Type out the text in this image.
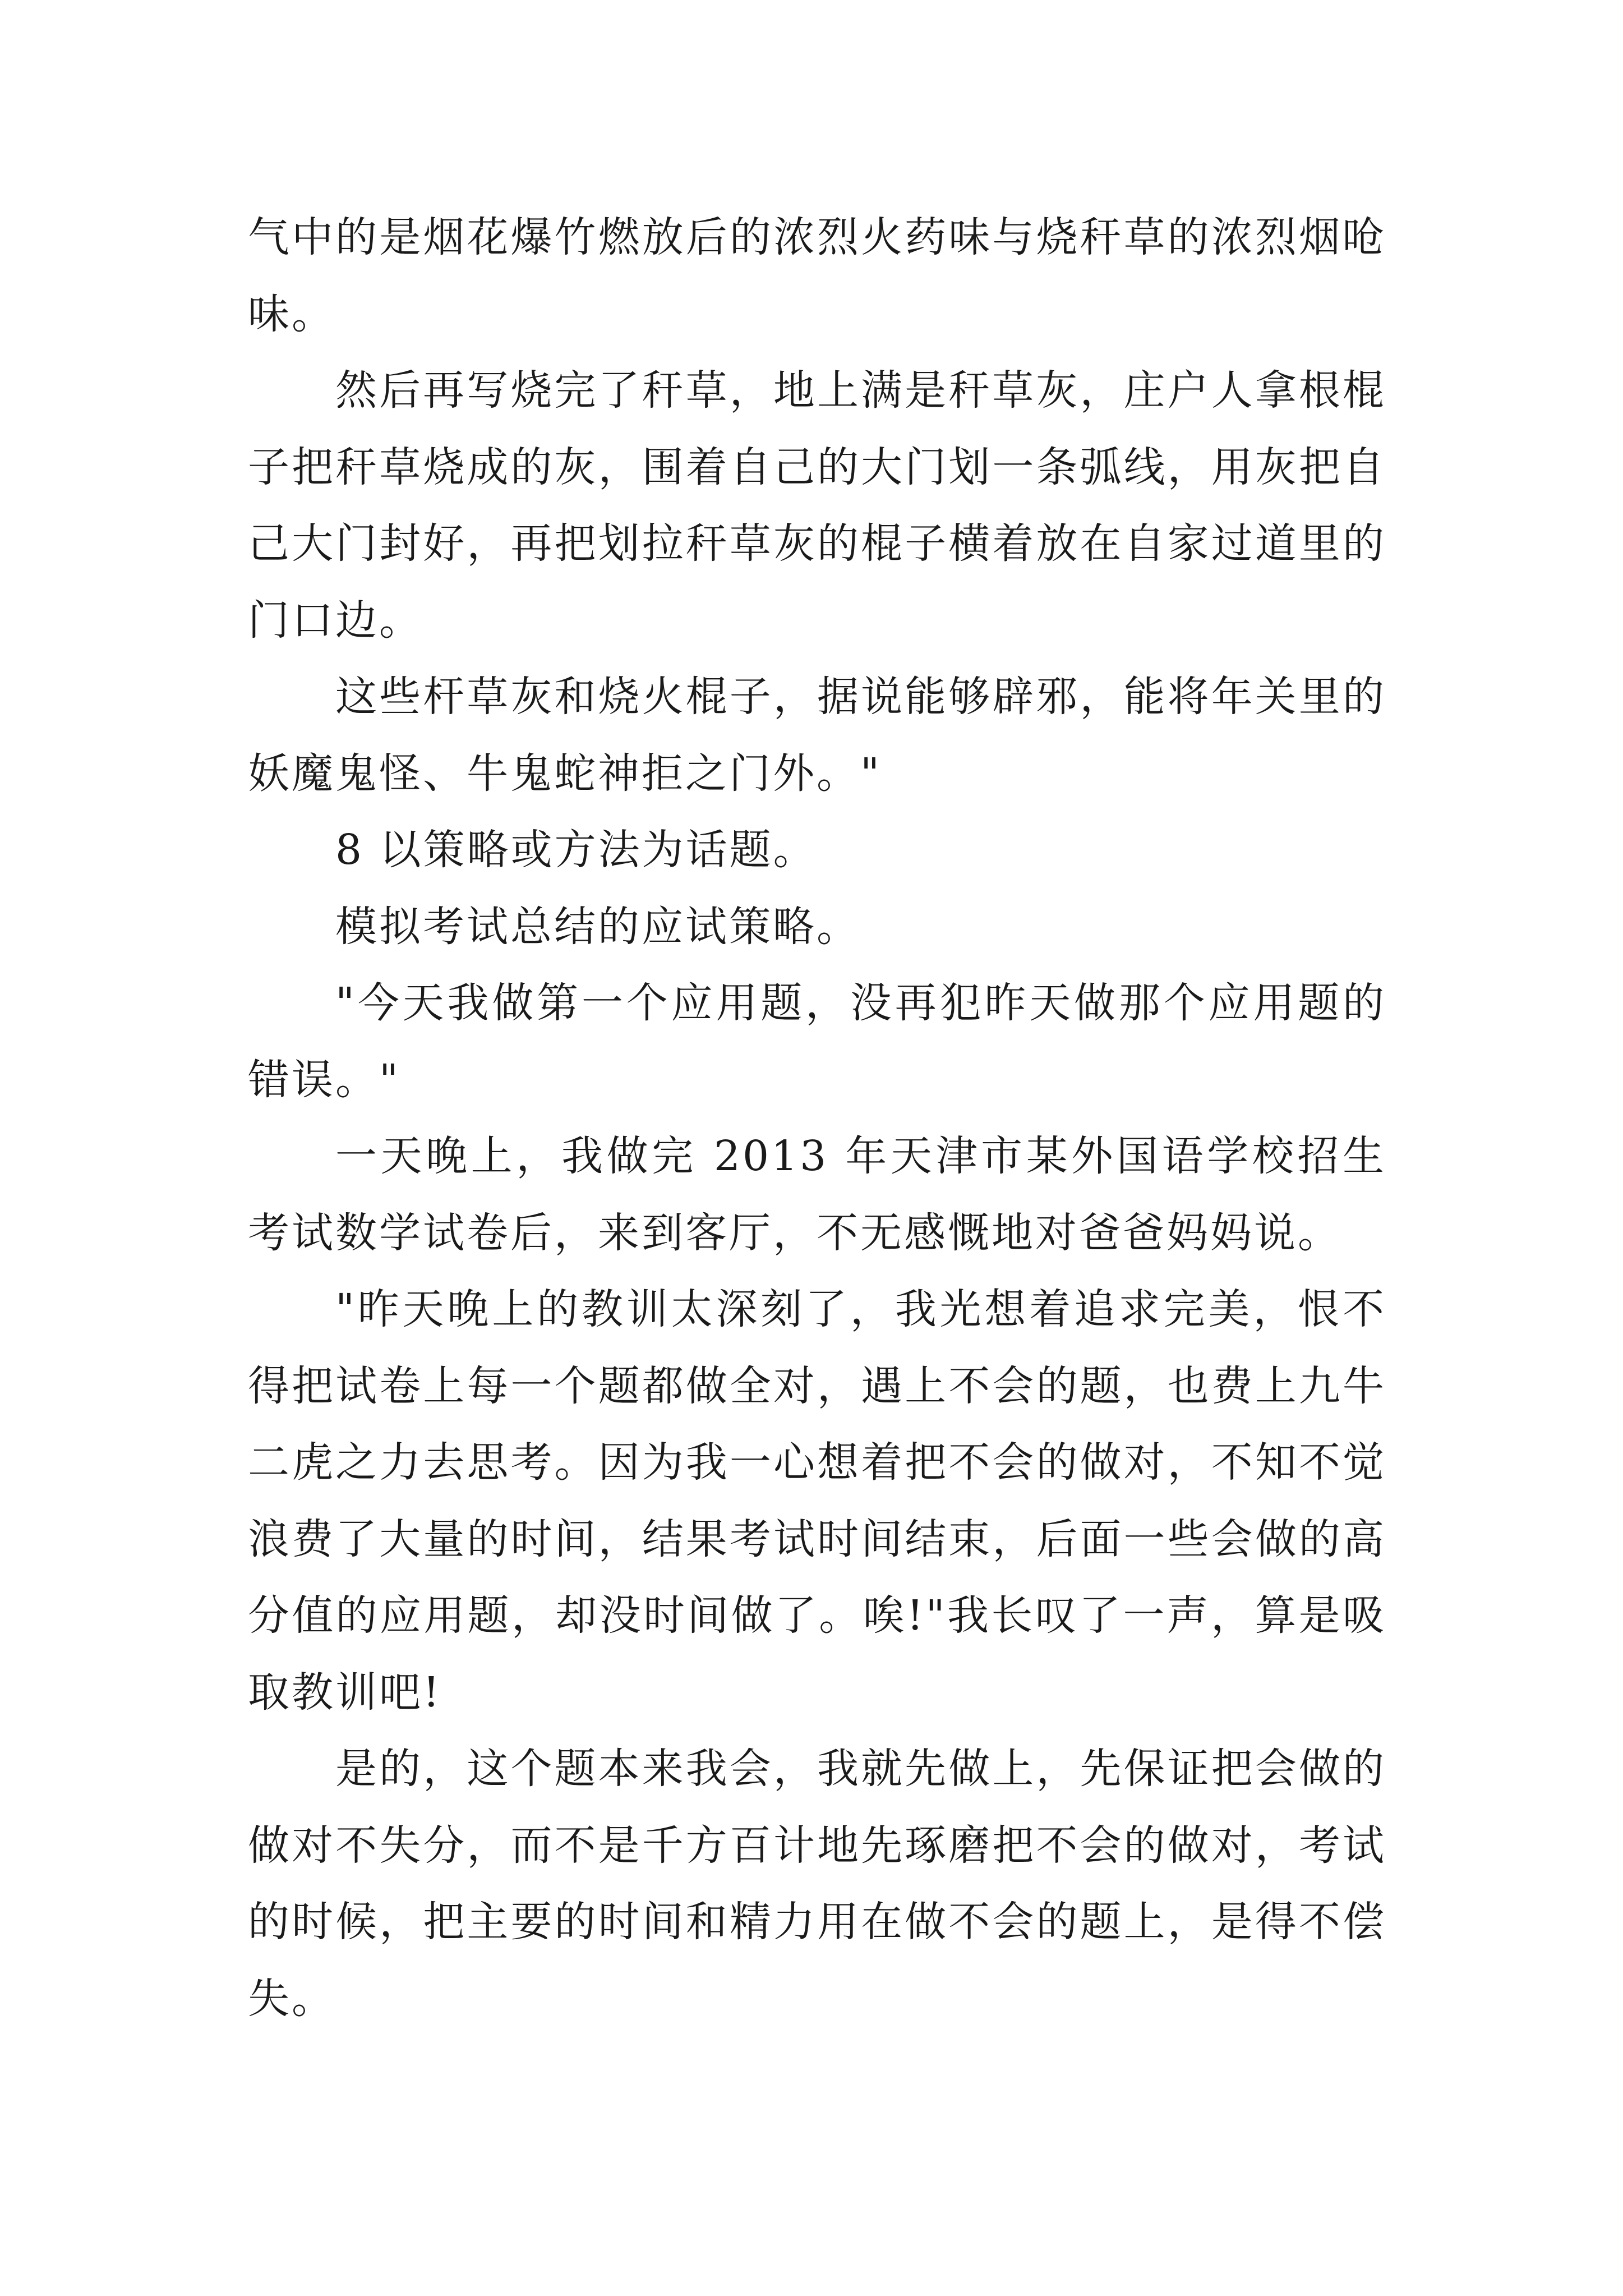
气中的是烟花爆竹燃放后的浓烈火药味与烧秆草的浓烈烟呛味。

然后再写烧完了秆草，地上满是秆草灰，庄户人拿根棍子把秆草烧成的灰，围着自己的大门划一条弧线，用灰把自己大门封好，再把划拉秆草灰的棍子横着放在自家过道里的门口边。

这些杆草灰和烧火棍子，据说能够辟邪，能将年关里的妖魔鬼怪、牛鬼蛇神拒之门外。"

8 以策略或方法为话题。

模拟考试总结的应试策略。

"今天我做第一个应用题，没再犯昨天做那个应用题的错误。"

一天晚上，我做完 2013 年天津市某外国语学校招生考试数学试卷后，来到客厅，不无感慨地对爸爸妈妈说。

"昨天晚上的教训太深刻了，我光想着追求完美，恨不得把试卷上每一个题都做全对，遇上不会的题，也费上九牛二虎之力去思考。因为我一心想着把不会的做对，不知不觉浪费了大量的时间，结果考试时间结束，后面一些会做的高分值的应用题，却没时间做了。唉!"我长叹了一声，算是吸取教训吧!

是的，这个题本来我会，我就先做上，先保证把会做的做对不失分，而不是千方百计地先琢磨把不会的做对，考试的时候，把主要的时间和精力用在做不会的题上，是得不偿失。
